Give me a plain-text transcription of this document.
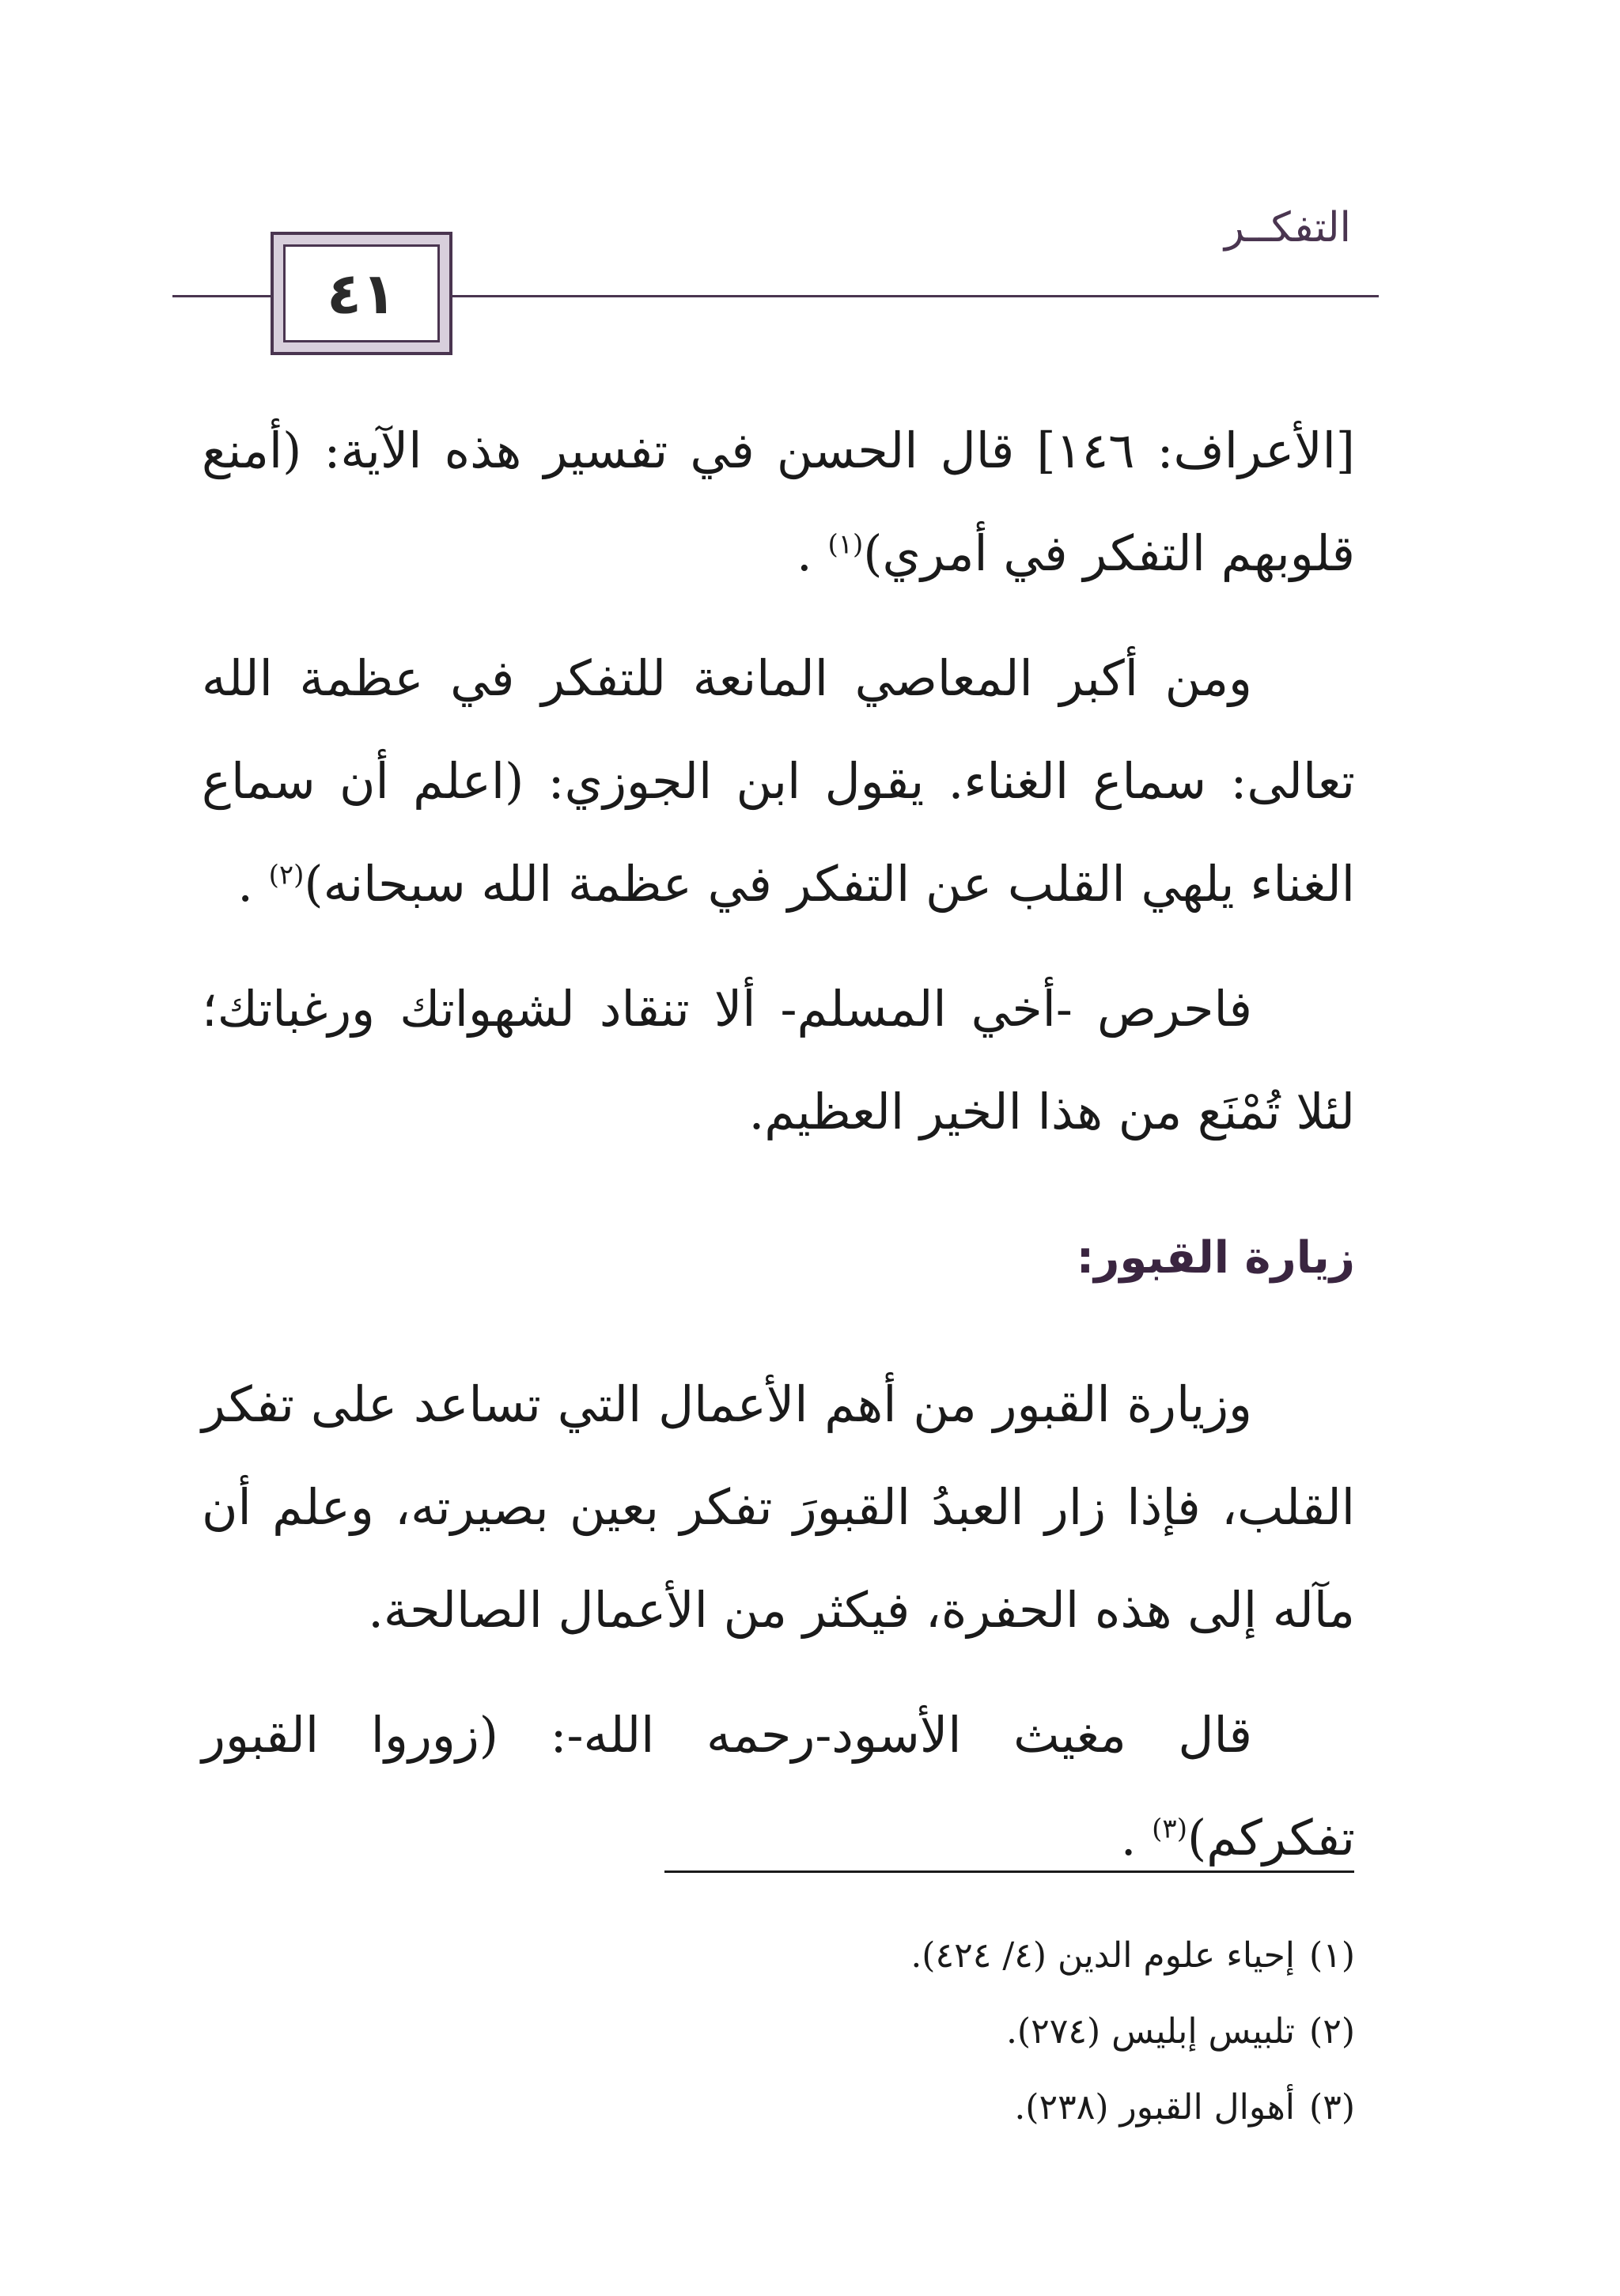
التفكــر
٤١

[الأعراف: ١٤٦] قال الحسن في تفسير هذه الآية: (أمنع قلوبهم التفكر في أمري)$^{(١)}$ .

ومن أكبر المعاصي المانعة للتفكر في عظمة الله تعالى: سماع الغناء. يقول ابن الجوزي: (اعلم أن سماع الغناء يلهي القلب عن التفكر في عظمة الله سبحانه)$^{(٢)}$ .

فاحرص -أخي المسلم- ألا تنقاد لشهواتك ورغباتك؛ لئلا تُمْنَع من هذا الخير العظيم.

زيارة القبور:

وزيارة القبور من أهم الأعمال التي تساعد على تفكر القلب، فإذا زار العبدُ القبورَ تفكر بعين بصيرته، وعلم أن مآله إلى هذه الحفرة، فيكثر من الأعمال الصالحة.

قال مغيث الأسود-رحمه الله-: (زوروا القبور تفكركم)$^{(٣)}$ .

(١)إحياء علوم الدين (٤/ ٤٢٤).

(٢)تلبيس إبليس (٢٧٤).

(٣)أهوال القبور (٢٣٨).
